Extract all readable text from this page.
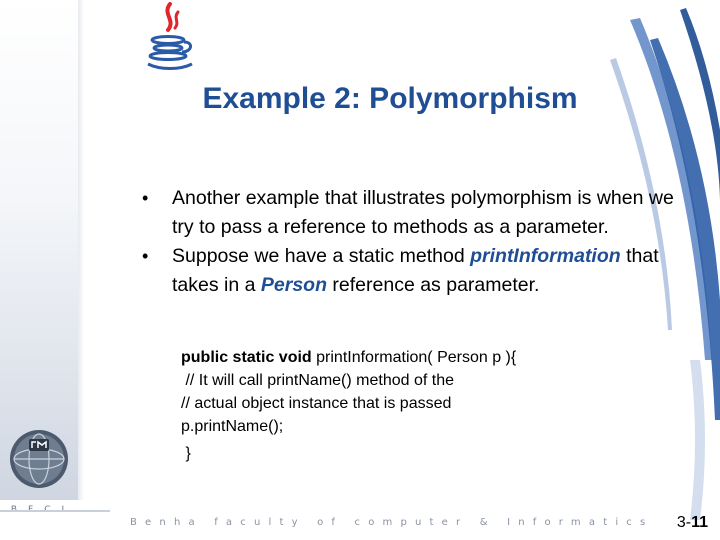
Example 2: Polymorphism
• Another example that illustrates polymorphism is when we try to pass a reference to methods as a parameter.
• Suppose we have a static method printInformation that takes in a Person reference as parameter.
public static void printInformation( Person p ){
// It will call printName() method of the
// actual object instance that is passed
p.printName();
}
Benha faculty of computer & Informatics 3-11
